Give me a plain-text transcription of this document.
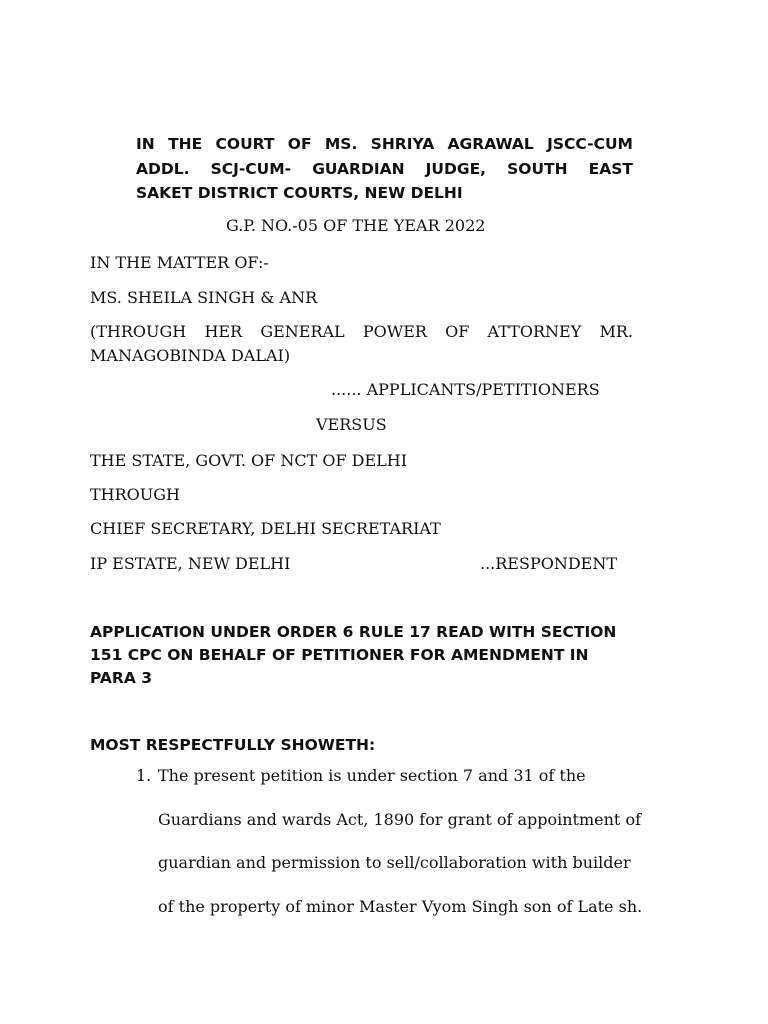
IN THE COURT OF MS. SHRIYA AGRAWAL JSCC-CUM
ADDL. SCJ-CUM- GUARDIAN JUDGE, SOUTH EAST
SAKET DISTRICT COURTS, NEW DELHI

G.P. NO.-05 OF THE YEAR 2022

IN THE MATTER OF:-

MS. SHEILA SINGH & ANR

(THROUGH HER GENERAL POWER OF ATTORNEY MR.

MANAGOBINDA DALAI)

...... APPLICANTS/PETITIONERS

VERSUS

THE STATE, GOVT. OF NCT OF DELHI

THROUGH

CHIEF SECRETARY, DELHI SECRETARIAT

IP ESTATE, NEW DELHI	...RESPONDENT

APPLICATION UNDER ORDER 6 RULE 17 READ WITH SECTION

151 CPC ON BEHALF OF PETITIONER FOR AMENDMENT IN

PARA 3

MOST RESPECTFULLY SHOWETH:

1. The present petition is under section 7 and 31 of the
Guardians and wards Act, 1890 for grant of appointment of
guardian and permission to sell/collaboration with builder
of the property of minor Master Vyom Singh son of Late sh.
